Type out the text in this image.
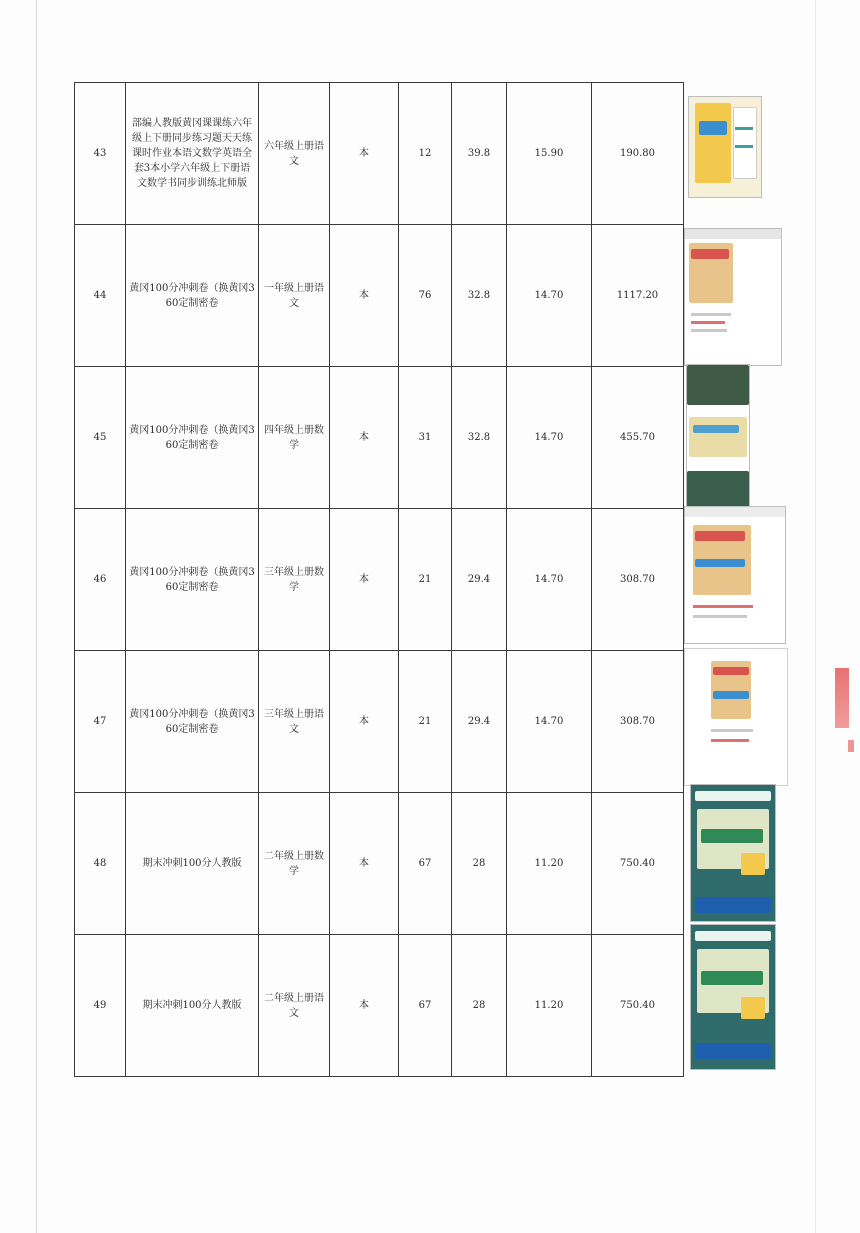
43	部编人教版黄冈课课练六年级上下册同步练习题天天练课时作业本语文数学英语全套3本小学六年级上下册语文数学书同步训练北师版	六年级上册语文	本	12	39.8	15.90	190.80
44	黄冈100分冲刺卷（换黄冈360定制密卷	一年级上册语文	本	76	32.8	14.70	1117.20
45	黄冈100分冲刺卷（换黄冈360定制密卷	四年级上册数学	本	31	32.8	14.70	455.70
46	黄冈100分冲刺卷（换黄冈360定制密卷	三年级上册数学	本	21	29.4	14.70	308.70
47	黄冈100分冲刺卷（换黄冈360定制密卷	三年级上册语文	本	21	29.4	14.70	308.70
48	期末冲刺100分人教版	二年级上册数学	本	67	28	11.20	750.40
49	期末冲刺100分人教版	二年级上册语文	本	67	28	11.20	750.40
